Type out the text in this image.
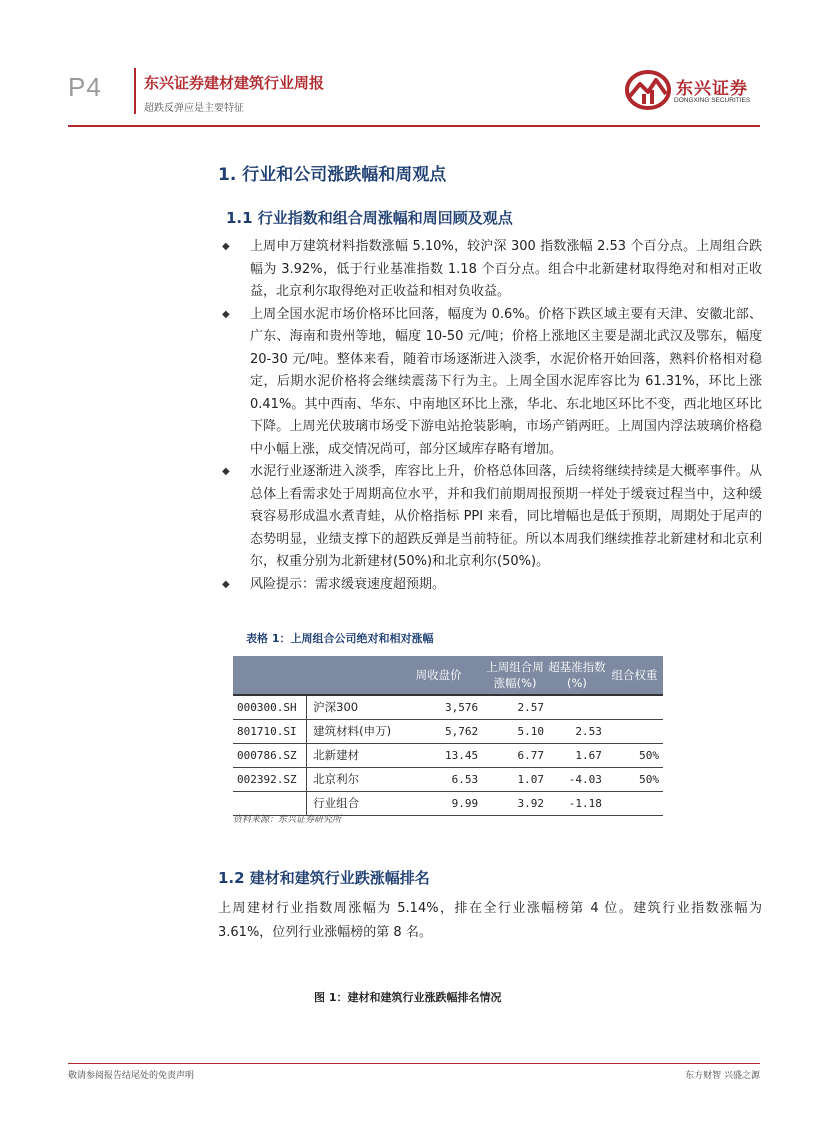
P4	东兴证券建材建筑行业周报
超跌反弹应是主要特征
东兴证券
DONGXING SECURITIES
1. 行业和公司涨跌幅和周观点
1.1 行业指数和组合周涨幅和周回顾及观点
◆ 上周申万建筑材料指数涨幅 5.10%，较沪深 300 指数涨幅 2.53 个百分点。上周组合跌幅为 3.92%，低于行业基准指数 1.18 个百分点。组合中北新建材取得绝对和相对正收益，北京利尔取得绝对正收益和相对负收益。
◆ 上周全国水泥市场价格环比回落，幅度为 0.6%。价格下跌区域主要有天津、安徽北部、广东、海南和贵州等地，幅度 10-50 元/吨；价格上涨地区主要是湖北武汉及鄂东，幅度 20-30 元/吨。整体来看，随着市场逐渐进入淡季，水泥价格开始回落，熟料价格相对稳定，后期水泥价格将会继续震荡下行为主。上周全国水泥库容比为 61.31%，环比上涨 0.41%。其中西南、华东、中南地区环比上涨，华北、东北地区环比不变，西北地区环比下降。上周光伏玻璃市场受下游电站抢装影响，市场产销两旺。上周国内浮法玻璃价格稳中小幅上涨，成交情况尚可，部分区域库存略有增加。
◆ 水泥行业逐渐进入淡季，库容比上升，价格总体回落，后续将继续持续是大概率事件。从总体上看需求处于周期高位水平，并和我们前期周报预期一样处于缓衰过程当中，这种缓衰容易形成温水煮青蛙，从价格指标 PPI 来看，同比增幅也是低于预期，周期处于尾声的态势明显，业绩支撑下的超跌反弹是当前特征。所以本周我们继续推荐北新建材和北京利尔，权重分别为北新建材(50%)和北京利尔(50%)。
◆ 风险提示：需求缓衰速度超预期。
表格 1：上周组合公司绝对和相对涨幅
		周收盘价	上周组合周涨幅(%)	超基准指数(%)	组合权重
000300.SH	沪深300	3,576	2.57		
801710.SI	建筑材料(申万)	5,762	5.10	2.53	
000786.SZ	北新建材	13.45	6.77	1.67	50%
002392.SZ	北京利尔	6.53	1.07	-4.03	50%
	行业组合	9.99	3.92	-1.18	
资料来源：东兴证券研究所
1.2 建材和建筑行业跌涨幅排名
上周建材行业指数周涨幅为 5.14%，排在全行业涨幅榜第 4 位。建筑行业指数涨幅为 3.61%，位列行业涨幅榜的第 8 名。
图 1：建材和建筑行业涨跌幅排名情况
敬请参阅报告结尾处的免责声明	东方财智 兴盛之源
